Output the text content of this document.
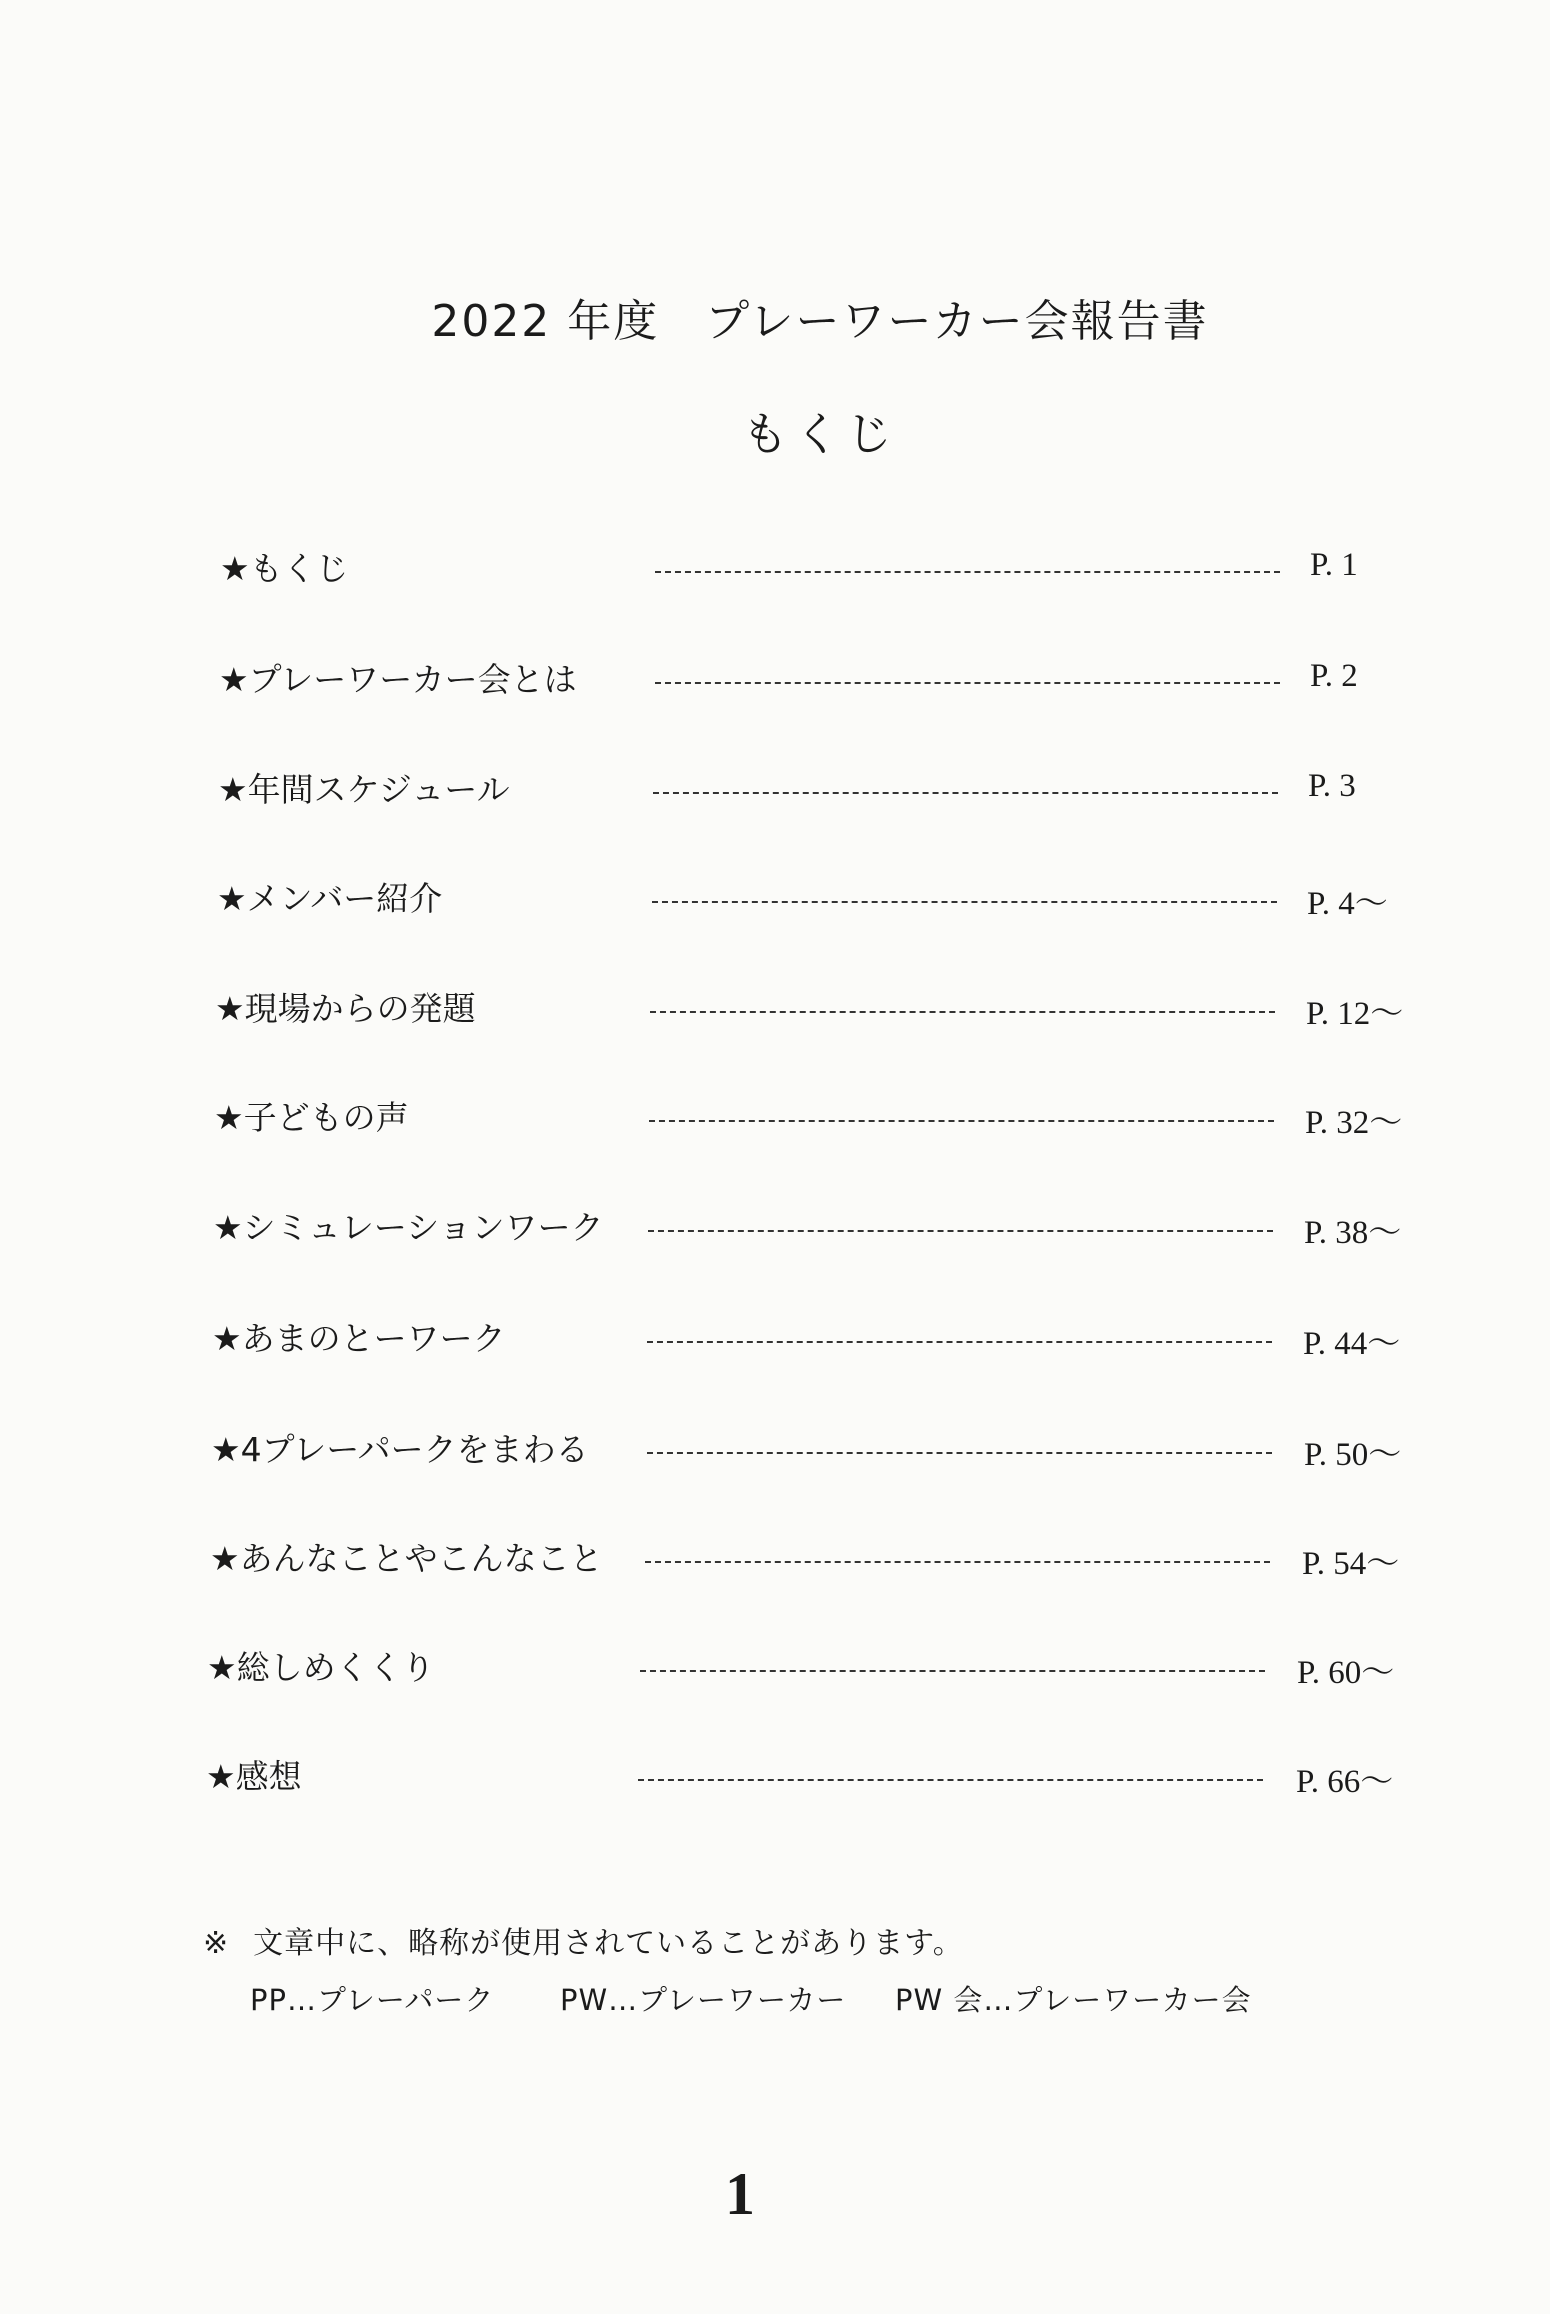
2022 年度　プレーワーカー会報告書
もくじ
★もくじ	P. 1
★プレーワーカー会とは	P. 2
★年間スケジュール	P. 3
★メンバー紹介	P. 4〜
★現場からの発題	P. 12〜
★子どもの声	P. 32〜
★シミュレーションワーク	P. 38〜
★あまのとーワーク	P. 44〜
★4プレーパークをまわる	P. 50〜
★あんなことやこんなこと	P. 54〜
★総しめくくり	P. 60〜
★感想	P. 66〜
※ 文章中に、略称が使用されていることがあります。
PP…プレーパーク PW…プレーワーカー PW 会…プレーワーカー会
1
